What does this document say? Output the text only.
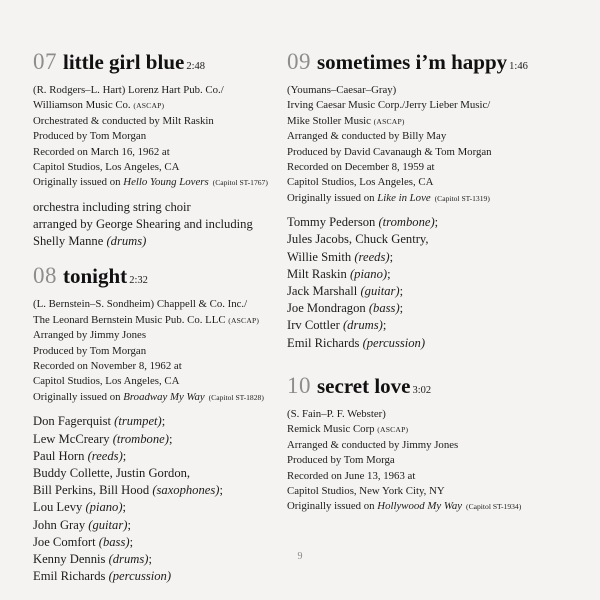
07 little girl blue 2:48
(R. Rodgers–L. Hart) Lorenz Hart Pub. Co./
Williamson Music Co. (ASCAP)
Orchestrated & conducted by Milt Raskin
Produced by Tom Morgan
Recorded on March 16, 1962 at
Capitol Studios, Los Angeles, CA
Originally issued on Hello Young Lovers (Capitol ST-1767)
orchestra including string choir
arranged by George Shearing and including
Shelly Manne (drums)
08 tonight 2:32
(L. Bernstein–S. Sondheim) Chappell & Co. Inc./
The Leonard Bernstein Music Pub. Co. LLC (ASCAP)
Arranged by Jimmy Jones
Produced by Tom Morgan
Recorded on November 8, 1962 at
Capitol Studios, Los Angeles, CA
Originally issued on Broadway My Way (Capitol ST-1828)
Don Fagerquist (trumpet);
Lew McCreary (trombone);
Paul Horn (reeds);
Buddy Collette, Justin Gordon,
Bill Perkins, Bill Hood (saxophones);
Lou Levy (piano);
John Gray (guitar);
Joe Comfort (bass);
Kenny Dennis (drums);
Emil Richards (percussion)
09 sometimes i’m happy 1:46
(Youmans–Caesar–Gray)
Irving Caesar Music Corp./Jerry Lieber Music/
Mike Stoller Music (ASCAP)
Arranged & conducted by Billy May
Produced by David Cavanaugh & Tom Morgan
Recorded on December 8, 1959 at
Capitol Studios, Los Angeles, CA
Originally issued on Like in Love (Capitol ST-1319)
Tommy Pederson (trombone);
Jules Jacobs, Chuck Gentry,
Willie Smith (reeds);
Milt Raskin (piano);
Jack Marshall (guitar);
Joe Mondragon (bass);
Irv Cottler (drums);
Emil Richards (percussion)
10 secret love 3:02
(S. Fain–P. F. Webster)
Remick Music Corp (ASCAP)
Arranged & conducted by Jimmy Jones
Produced by Tom Morga
Recorded on June 13, 1963 at
Capitol Studios, New York City, NY
Originally issued on Hollywood My Way (Capitol ST-1934)
9
